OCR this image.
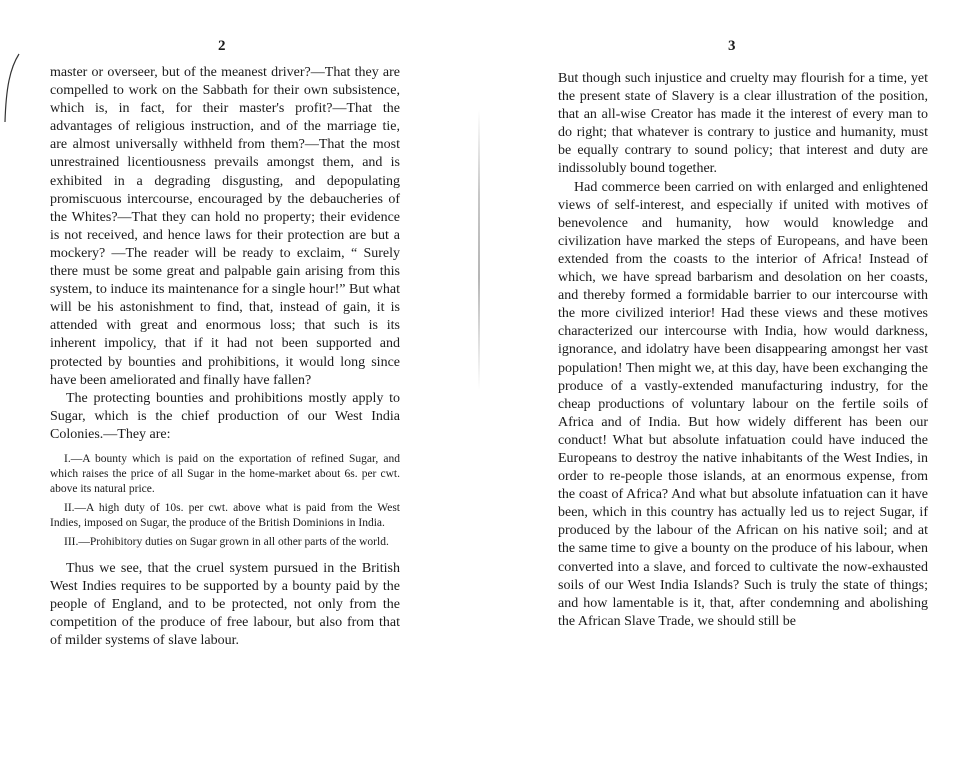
2

master or overseer, but of the meanest driver?—That they are compelled to work on the Sabbath for their own subsistence, which is, in fact, for their master's profit?—That the advantages of religious instruction, and of the marriage tie, are almost universally withheld from them?—That the most unrestrained licentiousness prevails amongst them, and is exhibited in a degrading disgusting, and depopulating promiscuous intercourse, encouraged by the debaucheries of the Whites?—That they can hold no property; their evidence is not received, and hence laws for their protection are but a mockery? —The reader will be ready to exclaim, “ Surely there must be some great and palpable gain arising from this system, to induce its maintenance for a single hour!” But what will be his astonishment to find, that, instead of gain, it is attended with great and enormous loss; that such is its inherent impolicy, that if it had not been supported and protected by bounties and prohibitions, it would long since have been ameliorated and finally have fallen?

The protecting bounties and prohibitions mostly apply to Sugar, which is the chief production of our West India Colonies.—They are:

I.—A bounty which is paid on the exportation of refined Sugar, and which raises the price of all Sugar in the home-market about 6s. per cwt. above its natural price.

II.—A high duty of 10s. per cwt. above what is paid from the West Indies, imposed on Sugar, the produce of the British Dominions in India.

III.—Prohibitory duties on Sugar grown in all other parts of the world.

Thus we see, that the cruel system pursued in the British West Indies requires to be supported by a bounty paid by the people of England, and to be protected, not only from the competition of the produce of free labour, but also from that of milder systems of slave labour.

3

But though such injustice and cruelty may flourish for a time, yet the present state of Slavery is a clear illustration of the position, that an all-wise Creator has made it the interest of every man to do right; that whatever is contrary to justice and humanity, must be equally contrary to sound policy; that interest and duty are indissolubly bound together.

Had commerce been carried on with enlarged and enlightened views of self-interest, and especially if united with motives of benevolence and humanity, how would knowledge and civilization have marked the steps of Europeans, and have been extended from the coasts to the interior of Africa! Instead of which, we have spread barbarism and desolation on her coasts, and thereby formed a formidable barrier to our intercourse with the more civilized interior! Had these views and these motives characterized our intercourse with India, how would darkness, ignorance, and idolatry have been disappearing amongst her vast population! Then might we, at this day, have been exchanging the produce of a vastly-extended manufacturing industry, for the cheap productions of voluntary labour on the fertile soils of Africa and of India. But how widely different has been our conduct! What but absolute infatuation could have induced the Europeans to destroy the native inhabitants of the West Indies, in order to re-people those islands, at an enormous expense, from the coast of Africa? And what but absolute infatuation can it have been, which in this country has actually led us to reject Sugar, if produced by the labour of the African on his native soil; and at the same time to give a bounty on the produce of his labour, when converted into a slave, and forced to cultivate the now-exhausted soils of our West India Islands? Such is truly the state of things; and how lamentable is it, that, after condemning and abolishing the African Slave Trade, we should still be
